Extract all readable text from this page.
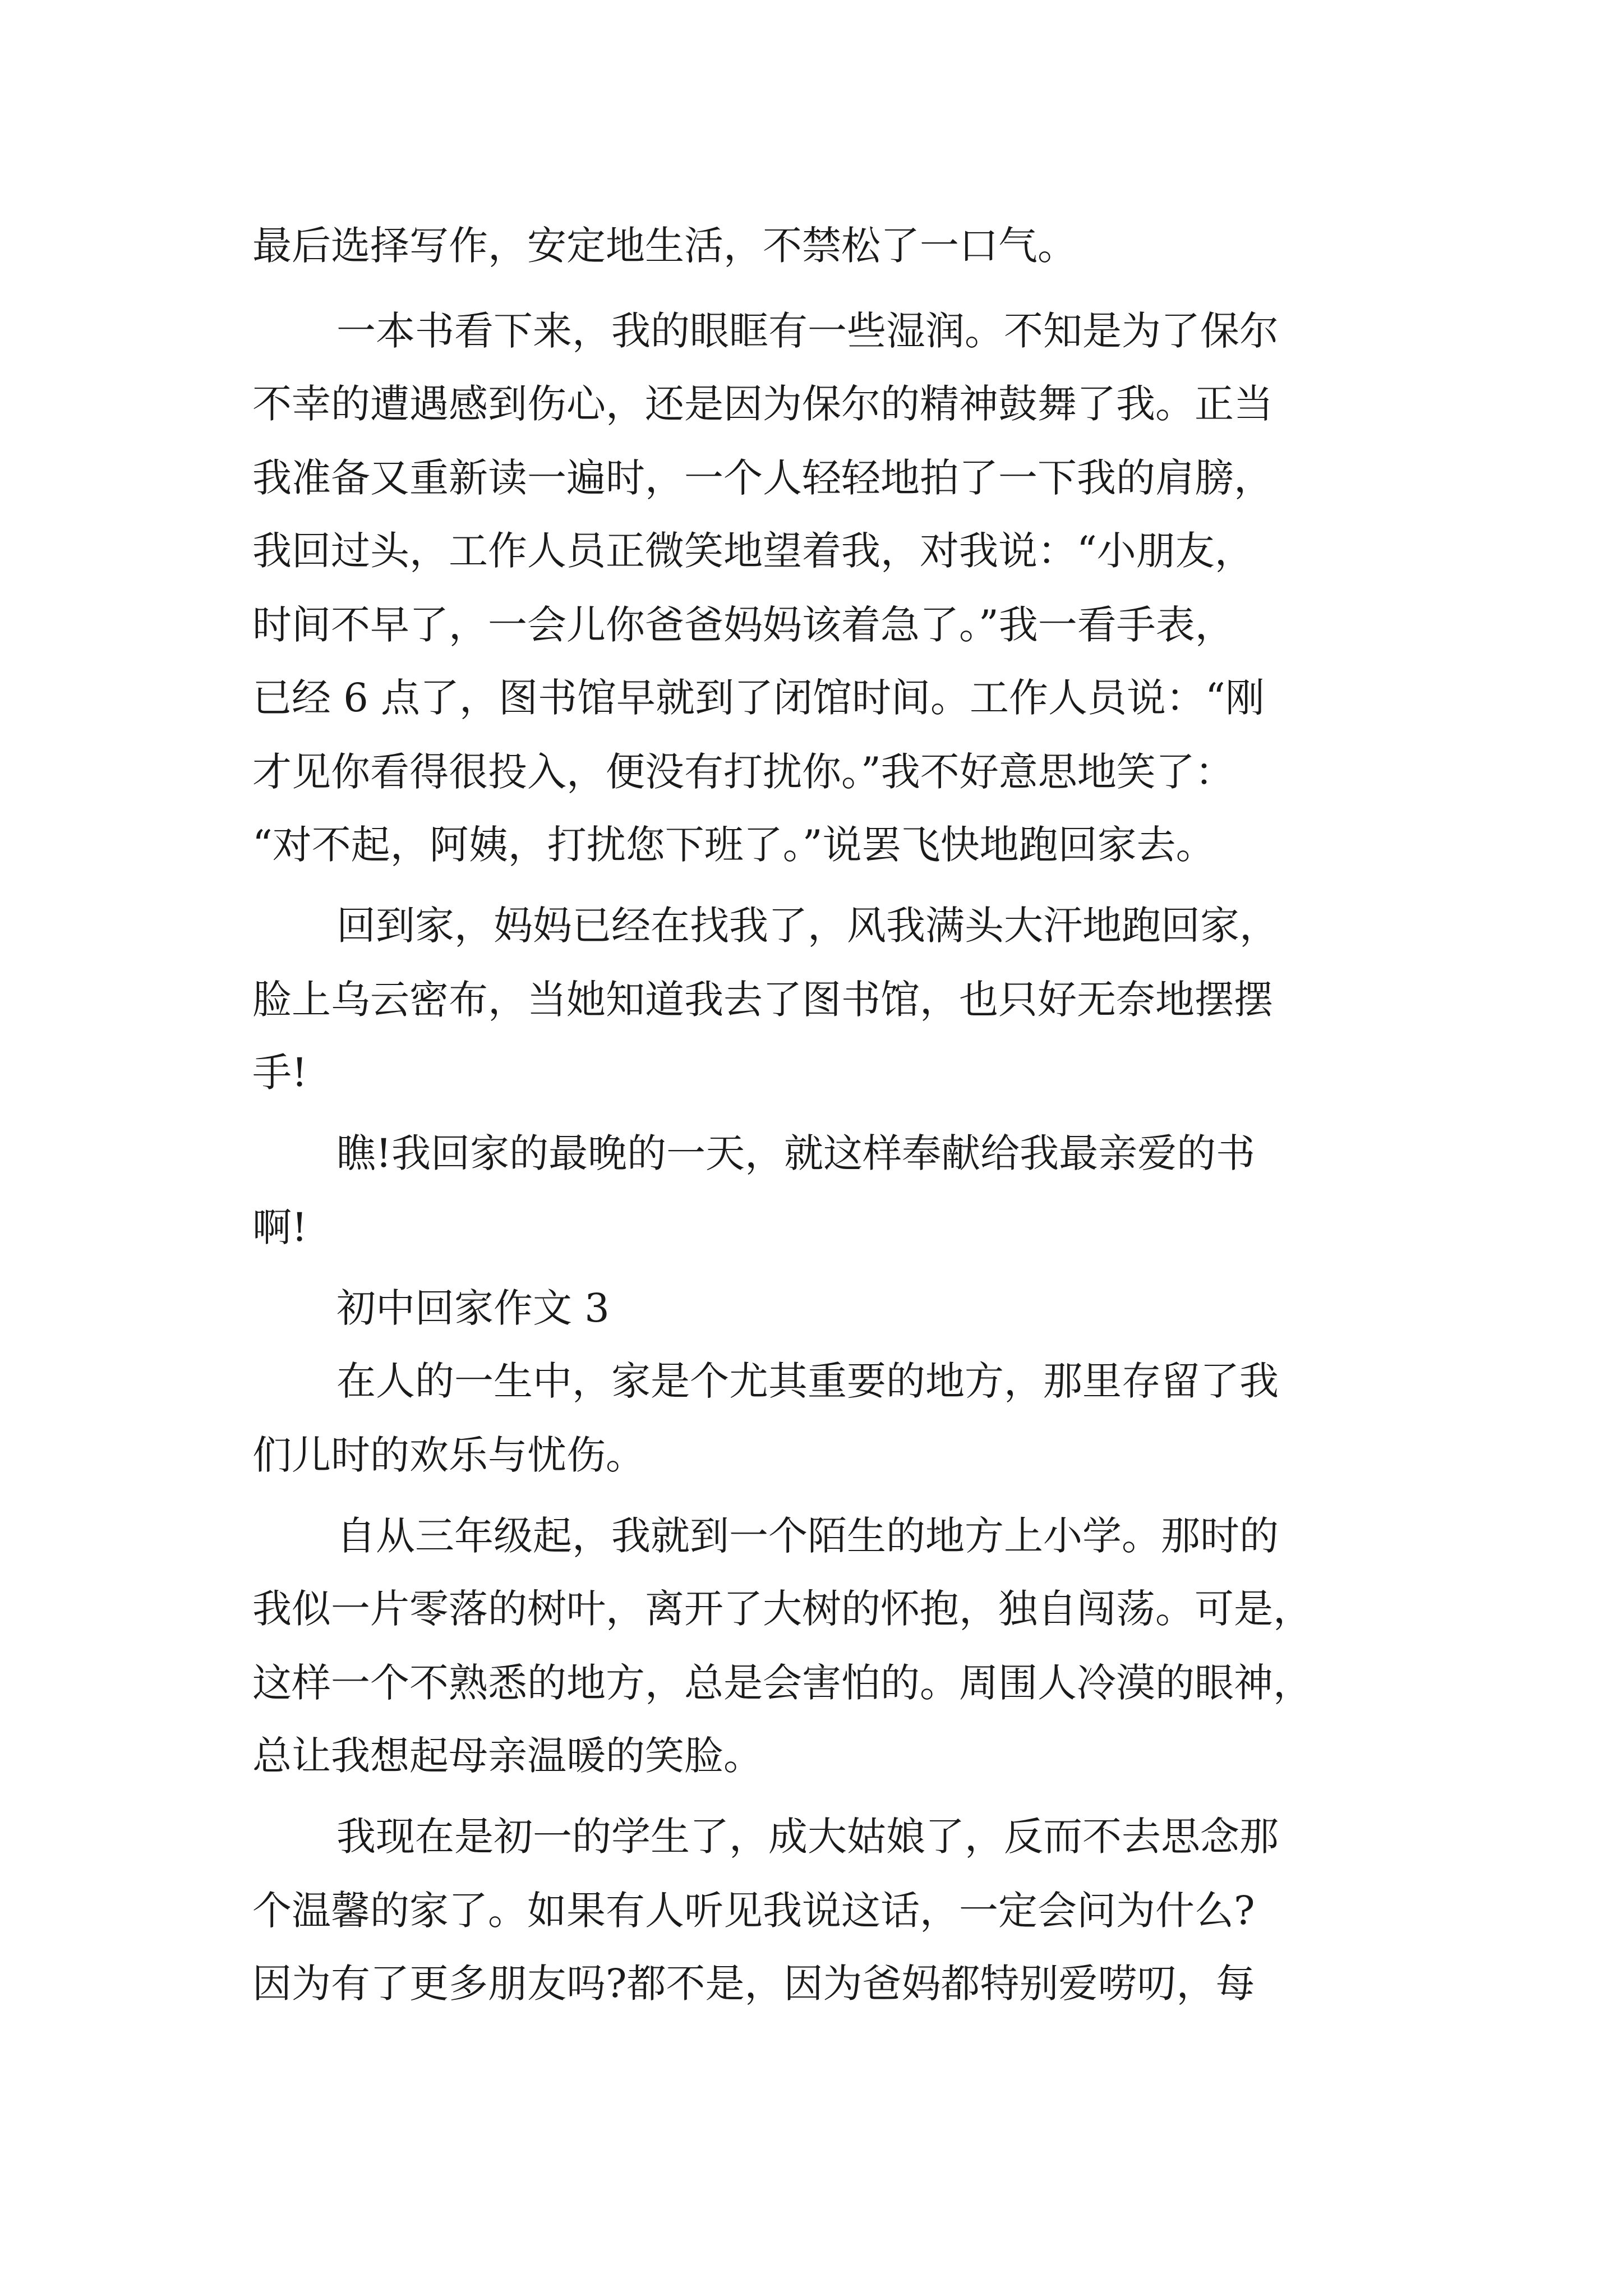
最后选择写作，安定地生活，不禁松了一口气。

一本书看下来，我的眼眶有一些湿润。不知是为了保尔

不幸的遭遇感到伤心，还是因为保尔的精神鼓舞了我。正当

我准备又重新读一遍时，一个人轻轻地拍了一下我的肩膀，

我回过头，工作人员正微笑地望着我，对我说：“小朋友，

时间不早了，一会儿你爸爸妈妈该着急了。”我一看手表，

已经 6 点了，图书馆早就到了闭馆时间。工作人员说：“刚

才见你看得很投入，便没有打扰你。”我不好意思地笑了：

“对不起，阿姨，打扰您下班了。”说罢飞快地跑回家去。

回到家，妈妈已经在找我了，风我满头大汗地跑回家，

脸上乌云密布，当她知道我去了图书馆，也只好无奈地摆摆

手!

瞧!我回家的最晚的一天，就这样奉献给我最亲爱的书

啊!

初中回家作文 3

在人的一生中，家是个尤其重要的地方，那里存留了我

们儿时的欢乐与忧伤。

自从三年级起，我就到一个陌生的地方上小学。那时的

我似一片零落的树叶，离开了大树的怀抱，独自闯荡。可是，

这样一个不熟悉的地方，总是会害怕的。周围人冷漠的眼神，

总让我想起母亲温暖的笑脸。

我现在是初一的学生了，成大姑娘了，反而不去思念那

个温馨的家了。如果有人听见我说这话，一定会问为什么?

因为有了更多朋友吗?都不是，因为爸妈都特别爱唠叨，每
